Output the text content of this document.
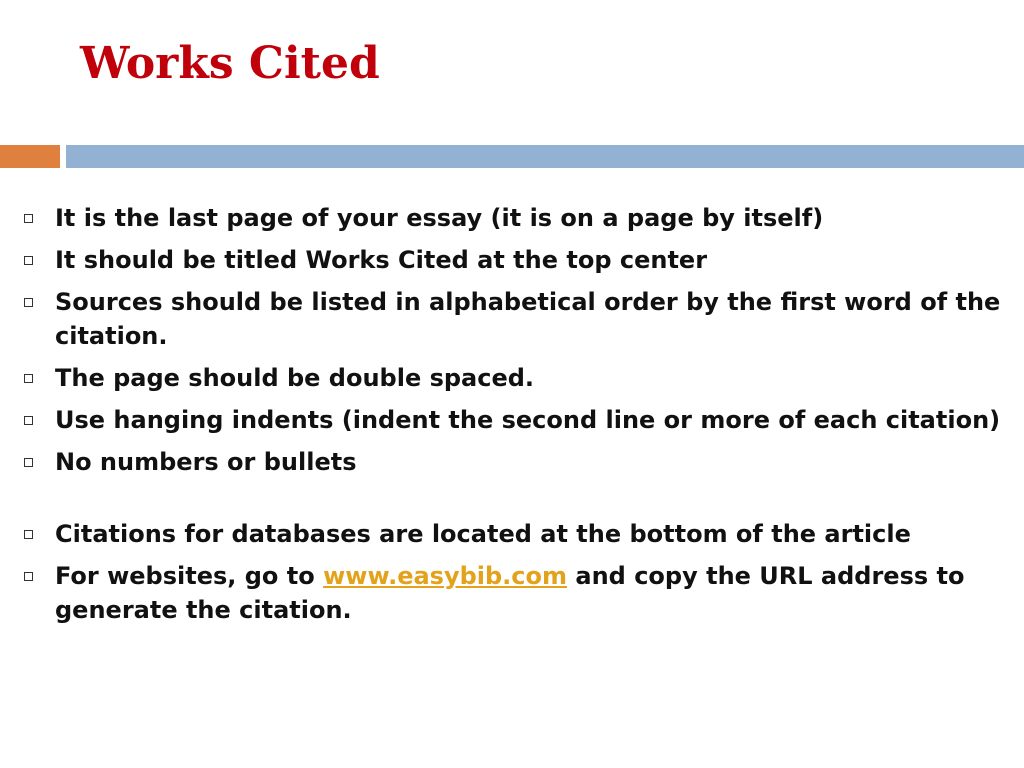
Works Cited
It is the last page of your essay (it is on a page by itself)
It should be titled Works Cited at the top center
Sources should be listed in alphabetical order by the first word of the citation.
The page should be double spaced.
Use hanging indents (indent the second line or more of each citation)
No numbers or bullets
Citations for databases are located at the bottom of the article
For websites, go to www.easybib.com and copy the URL address to generate the citation.
